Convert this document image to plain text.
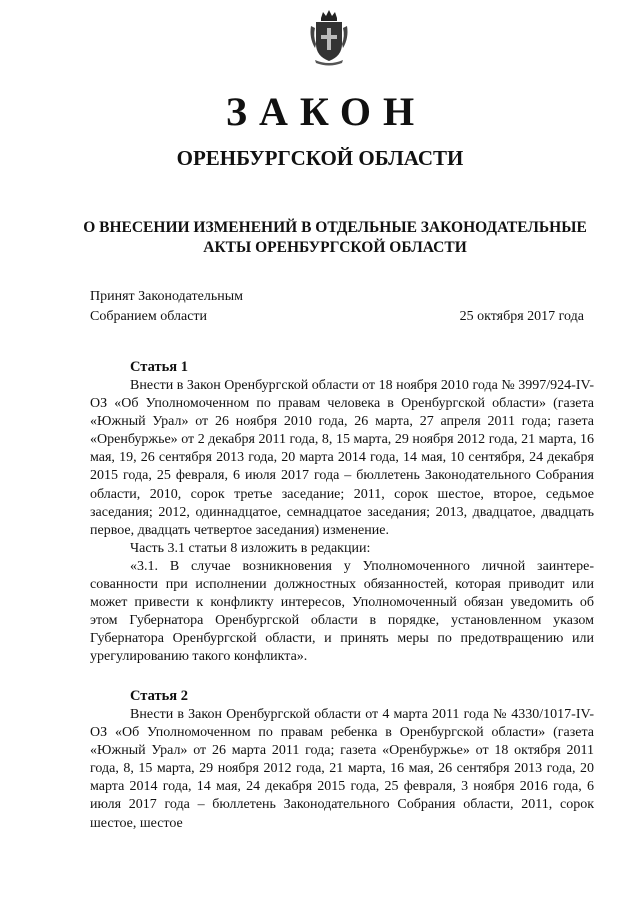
ЗАКОН
ОРЕНБУРГСКОЙ ОБЛАСТИ
О ВНЕСЕНИИ ИЗМЕНЕНИЙ В ОТДЕЛЬНЫЕ ЗАКОНОДАТЕЛЬНЫЕ
АКТЫ ОРЕНБУРГСКОЙ ОБЛАСТИ
Принят Законодательным
Собранием области	25 октября 2017 года
Статья 1

Внести в Закон Оренбургской области от 18 ноября 2010 года № 3997/924-IV-ОЗ «Об Уполномоченном по правам человека в Оренбургской области» (газета «Южный Урал» от 26 ноября 2010 года, 26 марта, 27 апреля 2011 года; газета «Оренбуржье» от 2 декабря 2011 года, 8, 15 марта, 29 ноября 2012 года, 21 марта, 16 мая, 19, 26 сентября 2013 года, 20 марта 2014 года, 14 мая, 10 сентября, 24 декабря 2015 года, 25 февраля, 6 июля 2017 года – бюллетень Законодательного Собрания области, 2010, сорок третье заседание; 2011, сорок шестое, второе, седьмое заседания; 2012, одиннадцатое, семнадцатое заседания; 2013, двадцатое, двадцать первое, двадцать четвертое заседания) изменение.

Часть 3.1 статьи 8 изложить в редакции:

«3.1. В случае возникновения у Уполномоченного личной заинтересованности при исполнении должностных обязанностей, которая приводит или может привести к конфликту интересов, Уполномоченный обязан уведомить об этом Губернатора Оренбургской области в порядке, установленном указом Губернатора Оренбургской области, и принять меры по предотвращению или урегулированию такого конфликта».

Статья 2

Внести в Закон Оренбургской области от 4 марта 2011 года № 4330/1017-IV-ОЗ «Об Уполномоченном по правам ребенка в Оренбургской области» (газета «Южный Урал» от 26 марта 2011 года; газета «Оренбуржье» от 18 октября 2011 года, 8, 15 марта, 29 ноября 2012 года, 21 марта, 16 мая, 26 сентября 2013 года, 20 марта 2014 года, 14 мая, 24 декабря 2015 года, 25 февраля, 3 ноября 2016 года, 6 июля 2017 года – бюллетень Законодательного Собрания области, 2011, сорок шестое, шестое
